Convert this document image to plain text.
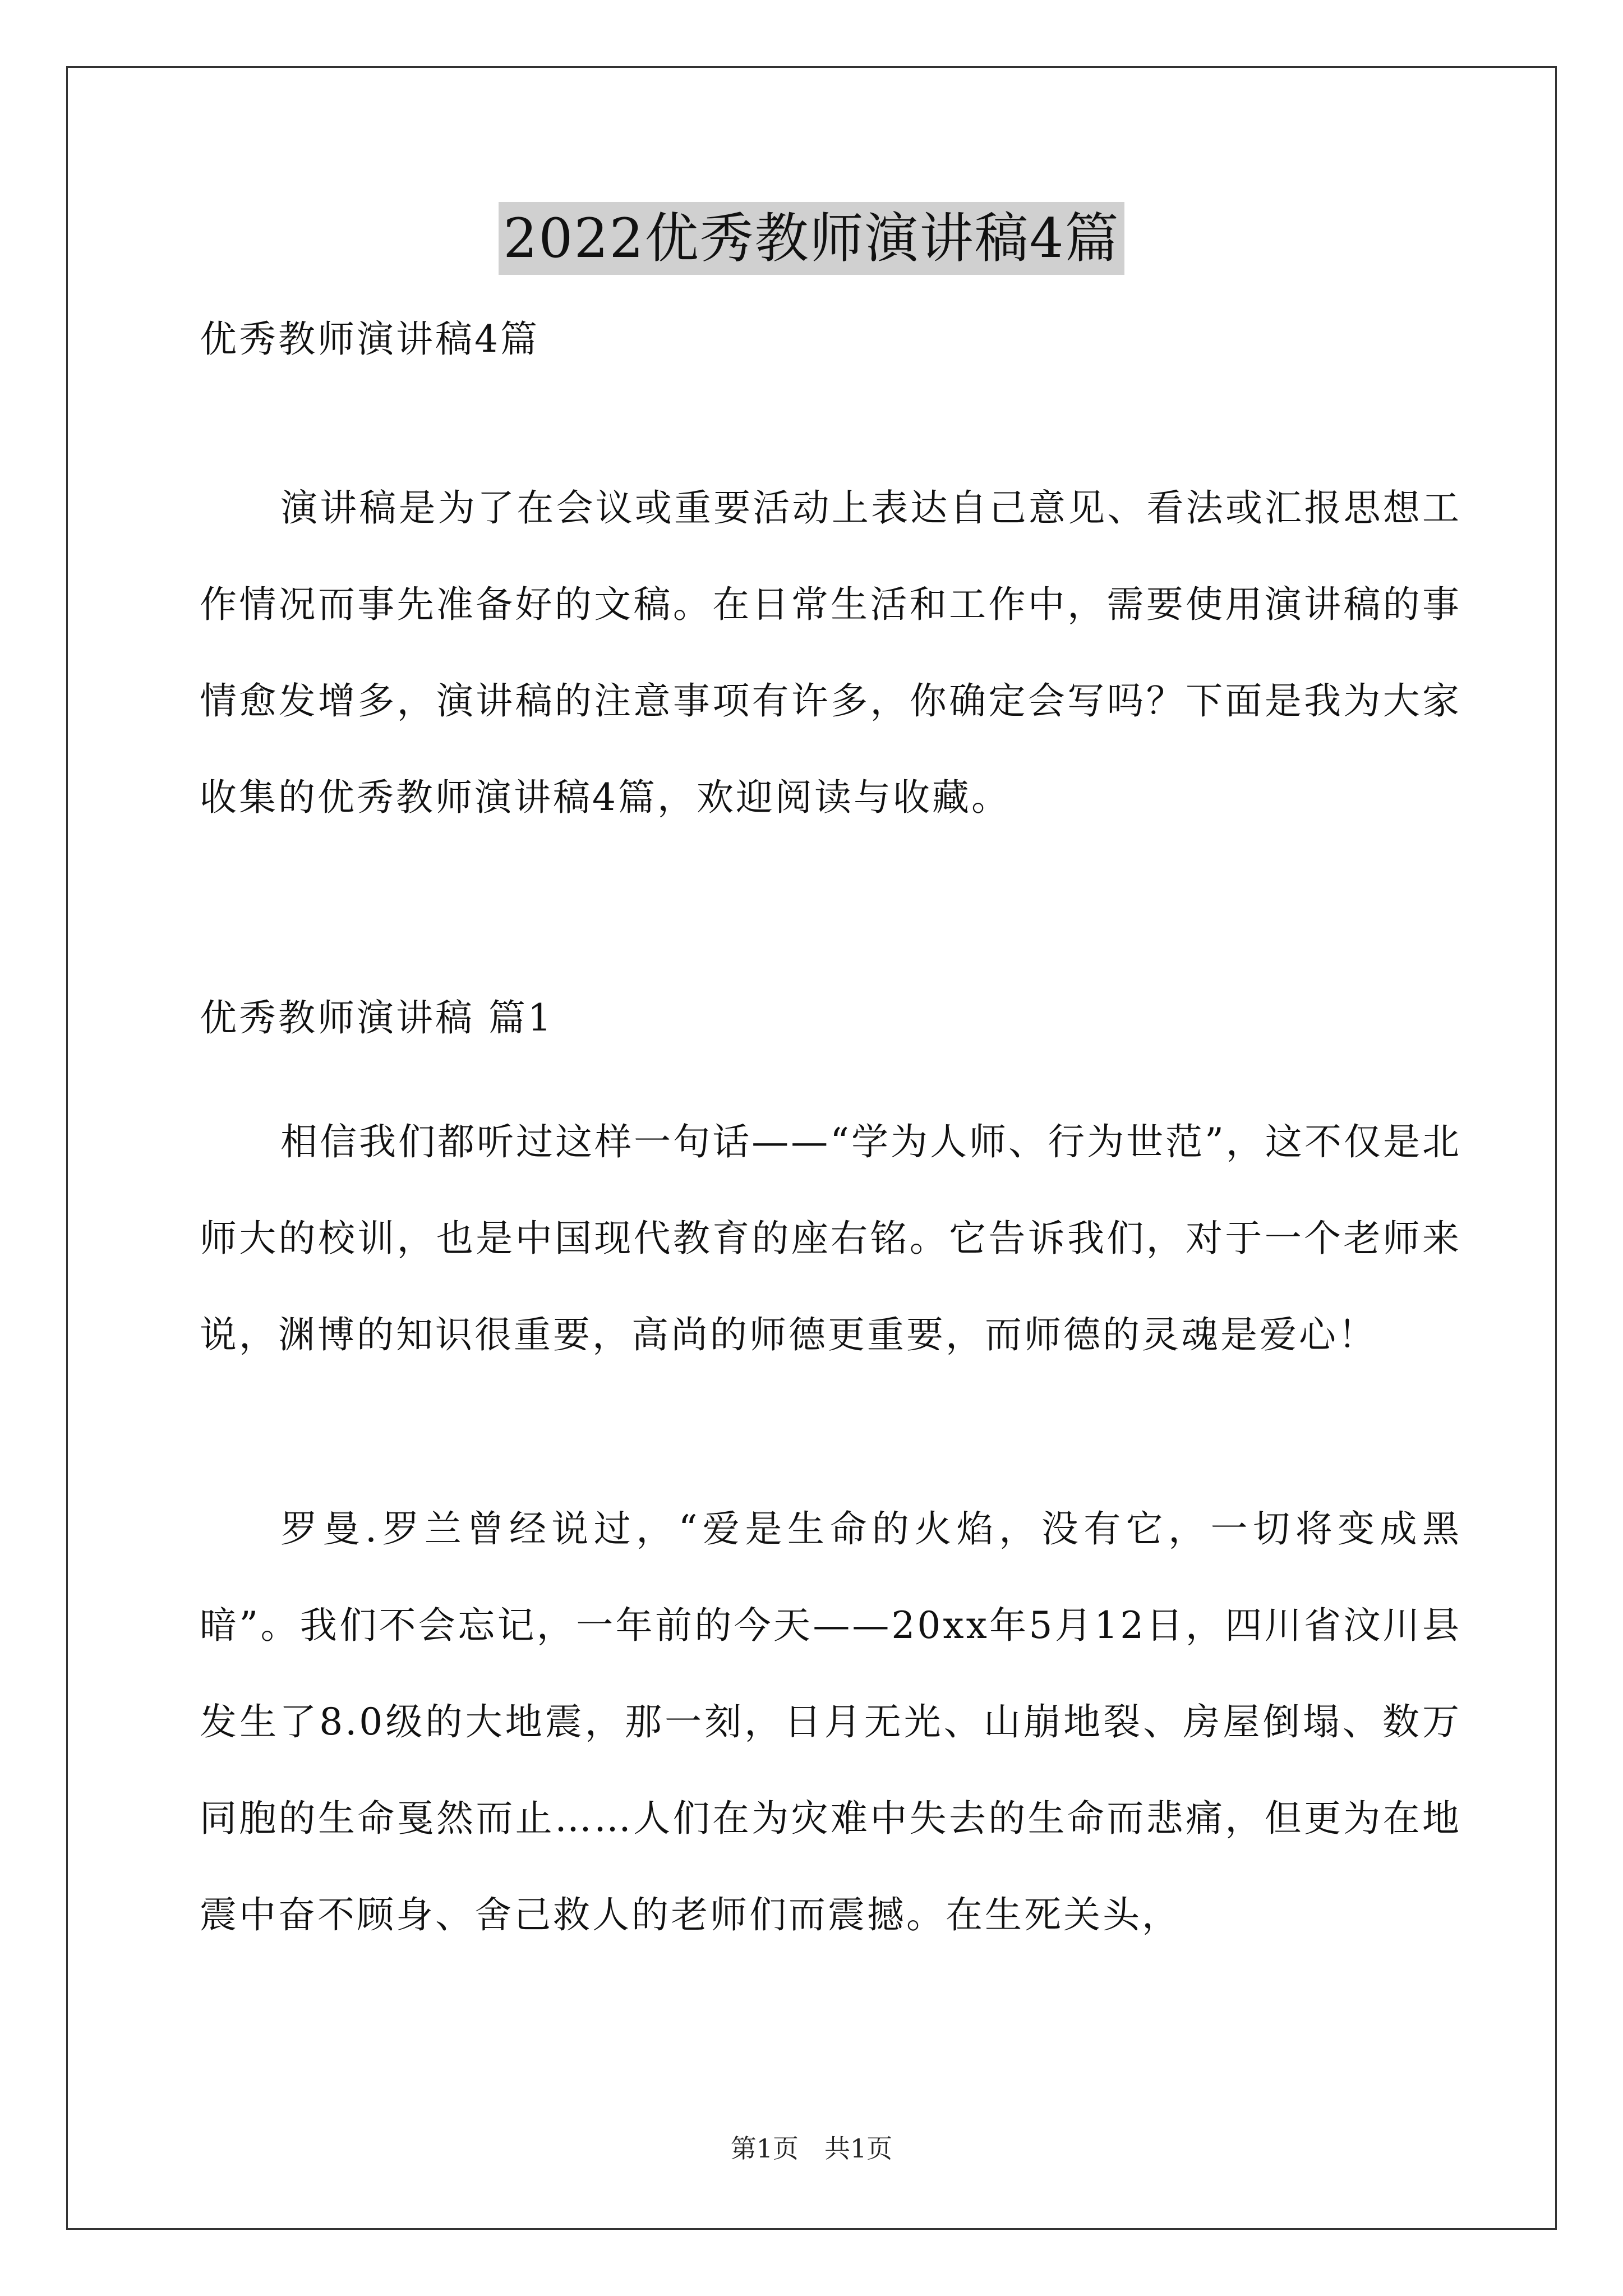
2022优秀教师演讲稿4篇
优秀教师演讲稿4篇
演讲稿是为了在会议或重要活动上表达自己意见、看法或汇报思想工作情况而事先准备好的文稿。在日常生活和工作中，需要使用演讲稿的事情愈发增多，演讲稿的注意事项有许多，你确定会写吗？下面是我为大家收集的优秀教师演讲稿4篇，欢迎阅读与收藏。
优秀教师演讲稿 篇1
相信我们都听过这样一句话——“学为人师、行为世范”，这不仅是北师大的校训，也是中国现代教育的座右铭。它告诉我们，对于一个老师来说，渊博的知识很重要，高尚的师德更重要，而师德的灵魂是爱心！
罗曼.罗兰曾经说过，“爱是生命的火焰，没有它，一切将变成黑暗”。我们不会忘记，一年前的今天——20xx年5月12日，四川省汶川县发生了8.0级的大地震，那一刻，日月无光、山崩地裂、房屋倒塌、数万同胞的生命戛然而止……人们在为灾难中失去的生命而悲痛，但更为在地震中奋不顾身、舍己救人的老师们而震撼。在生死关头，
第1页　共1页
